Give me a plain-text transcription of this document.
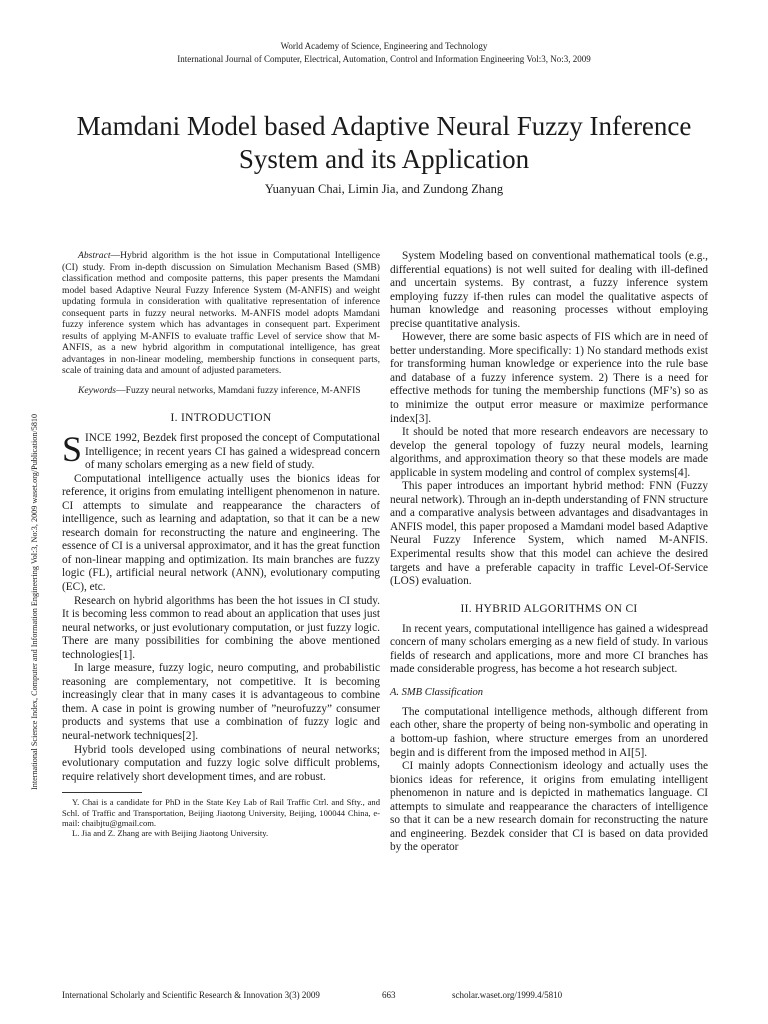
World Academy of Science, Engineering and Technology
International Journal of Computer, Electrical, Automation, Control and Information Engineering Vol:3, No:3, 2009
Mamdani Model based Adaptive Neural Fuzzy Inference System and its Application
Yuanyuan Chai, Limin Jia, and Zundong Zhang
International Science Index, Computer and Information Engineering Vol:3, No:3, 2009 waset.org/Publication/5810

Abstract—Hybrid algorithm is the hot issue in Computational Intelligence (CI) study. From in-depth discussion on Simulation Mechanism Based (SMB) classification method and composite patterns, this paper presents the Mamdani model based Adaptive Neural Fuzzy Inference System (M-ANFIS) and weight updating formula in consideration with qualitative representation of inference consequent parts in fuzzy neural networks. M-ANFIS model adopts Mamdani fuzzy inference system which has advantages in consequent part. Experiment results of applying M-ANFIS to evaluate traffic Level of service show that M-ANFIS, as a new hybrid algorithm in computational intelligence, has great advantages in non-linear modeling, membership functions in consequent parts, scale of training data and amount of adjusted parameters.

Keywords—Fuzzy neural networks, Mamdani fuzzy inference, M-ANFIS

I. INTRODUCTION

SINCE 1992, Bezdek first proposed the concept of Computational Intelligence; in recent years CI has gained a widespread concern of many scholars emerging as a new field of study.

Computational intelligence actually uses the bionics ideas for reference, it origins from emulating intelligent phenomenon in nature. CI attempts to simulate and reappearance the characters of intelligence, such as learning and adaptation, so that it can be a new research domain for reconstructing the nature and engineering. The essence of CI is a universal approximator, and it has the great function of non-linear mapping and optimization. Its main branches are fuzzy logic (FL), artificial neural network (ANN), evolutionary computing (EC), etc.

Research on hybrid algorithms has been the hot issues in CI study. It is becoming less common to read about an application that uses just neural networks, or just evolutionary computation, or just fuzzy logic. There are many possibilities for combining the above mentioned technologies[1].

In large measure, fuzzy logic, neuro computing, and probabilistic reasoning are complementary, not competitive. It is becoming increasingly clear that in many cases it is advantageous to combine them. A case in point is growing number of ”neurofuzzy” consumer products and systems that use a combination of fuzzy logic and neural-network techniques[2].

Hybrid tools developed using combinations of neural networks; evolutionary computation and fuzzy logic solve difficult problems, require relatively short development times, and are robust.

Y. Chai is a candidate for PhD in the State Key Lab of Rail Traffic Ctrl. and Sfty., and Schl. of Traffic and Transportation, Beijing Jiaotong University, Beijing, 100044 China, e-mail: chaibjtu@gmail.com.

L. Jia and Z. Zhang are with Beijing Jiaotong University.

System Modeling based on conventional mathematical tools (e.g., differential equations) is not well suited for dealing with ill-defined and uncertain systems. By contrast, a fuzzy inference system employing fuzzy if-then rules can model the qualitative aspects of human knowledge and reasoning processes without employing precise quantitative analysis.

However, there are some basic aspects of FIS which are in need of better understanding. More specifically: 1) No standard methods exist for transforming human knowledge or experience into the rule base and database of a fuzzy inference system. 2) There is a need for effective methods for tuning the membership functions (MF’s) so as to minimize the output error measure or maximize performance index[3].

It should be noted that more research endeavors are necessary to develop the general topology of fuzzy neural models, learning algorithms, and approximation theory so that these models are made applicable in system modeling and control of complex systems[4].

This paper introduces an important hybrid method: FNN (Fuzzy neural network). Through an in-depth understanding of FNN structure and a comparative analysis between advantages and disadvantages in ANFIS model, this paper proposed a Mamdani model based Adaptive Neural Fuzzy Inference System, which named M-ANFIS. Experimental results show that this model can achieve the desired targets and have a preferable capacity in traffic Level-Of-Service (LOS) evaluation.

II. HYBRID ALGORITHMS ON CI

In recent years, computational intelligence has gained a widespread concern of many scholars emerging as a new field of study. In various fields of research and applications, more and more CI branches has made considerable progress, has become a hot research subject.

A. SMB Classification

The computational intelligence methods, although different from each other, share the property of being non-symbolic and operating in a bottom-up fashion, where structure emerges from an unordered begin and is different from the imposed method in AI[5].

CI mainly adopts Connectionism ideology and actually uses the bionics ideas for reference, it origins from emulating intelligent phenomenon in nature and is depicted in mathematics language. CI attempts to simulate and reappearance the characters of intelligence so that it can be a new research domain for reconstructing the nature and engineering. Bezdek consider that CI is based on data provided by the operator

International Scholarly and Scientific Research & Innovation 3(3) 2009	663	scholar.waset.org/1999.4/5810
